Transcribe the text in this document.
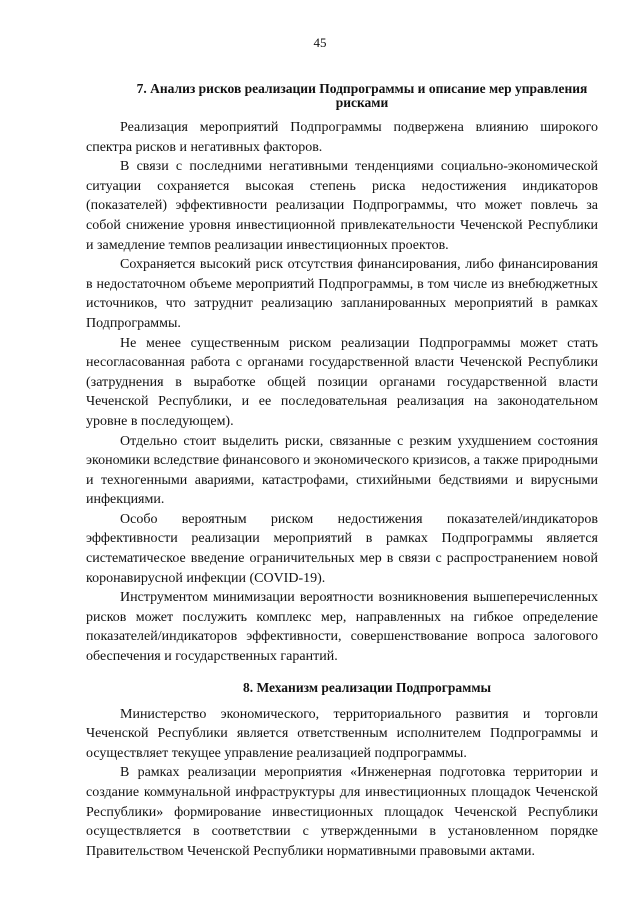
45
7. Анализ рисков реализации Подпрограммы и описание мер управления рисками

Реализация мероприятий Подпрограммы подвержена влиянию широкого спектра рисков и негативных факторов.

В связи с последними негативными тенденциями социально-экономической ситуации сохраняется высокая степень риска недостижения индикаторов (показателей) эффективности реализации Подпрограммы, что может повлечь за собой снижение уровня инвестиционной привлекательности Чеченской Республики и замедление темпов реализации инвестиционных проектов.

Сохраняется высокий риск отсутствия финансирования, либо финансирования в недостаточном объеме мероприятий Подпрограммы, в том числе из внебюджетных источников, что затруднит реализацию запланированных мероприятий в рамках Подпрограммы.

Не менее существенным риском реализации Подпрограммы может стать несогласованная работа с органами государственной власти Чеченской Республики (затруднения в выработке общей позиции органами государственной власти Чеченской Республики, и ее последовательная реализация на законодательном уровне в последующем).

Отдельно стоит выделить риски, связанные с резким ухудшением состояния экономики вследствие финансового и экономического кризисов, а также природными и техногенными авариями, катастрофами, стихийными бедствиями и вирусными инфекциями.

Особо вероятным риском недостижения показателей/индикаторов эффективности реализации мероприятий в рамках Подпрограммы является систематическое введение ограничительных мер в связи с распространением новой коронавирусной инфекции (COVID-19).

Инструментом минимизации вероятности возникновения вышеперечисленных рисков может послужить комплекс мер, направленных на гибкое определение показателей/индикаторов эффективности, совершенствование вопроса залогового обеспечения и государственных гарантий.

8. Механизм реализации Подпрограммы

Министерство экономического, территориального развития и торговли Чеченской Республики является ответственным исполнителем Подпрограммы и осуществляет текущее управление реализацией подпрограммы.

В рамках реализации мероприятия «Инженерная подготовка территории и создание коммунальной инфраструктуры для инвестиционных площадок Чеченской Республики» формирование инвестиционных площадок Чеченской Республики осуществляется в соответствии с утвержденными в установленном порядке Правительством Чеченской Республики нормативными правовыми актами.
